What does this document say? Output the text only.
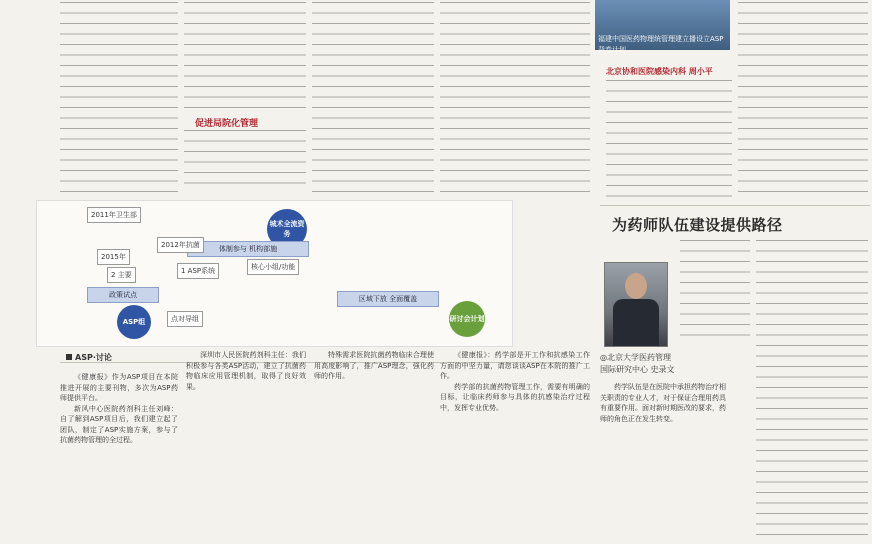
促进局院化管理
城术全流资务
核心小组/功能
体制参与 机构部施
2011年卫生部
2012年抗菌
2015年
2 主要	1 ASP系统
政策试点
ASP组	点对导组
区域下放 全面覆盖
研讨会计划
ASP·讨论

《健康报》作为ASP项目在本院推进开展的主要刊物，多次为ASP药师提供平台。

新风中心医院药剂科主任刘峰：自了解到ASP项目后，我们建立起了团队，制定了ASP实施方案，参与了抗菌药物管理的全过程。

深圳市人民医院药剂科主任：我们积极参与各类ASP活动，建立了抗菌药物临床应用管理机制，取得了良好效果。

特殊需求医院抗菌药物临床合理使用高度影响了，推广ASP理念，强化药师的作用。

《健康报》：药学部是开工作和抗感染工作方面的中坚力量，请您谈谈ASP在本院的推广工作。

药学部的抗菌药物管理工作，需要有明确的目标，让临床药师参与具体的抗感染治疗过程中，发挥专业优势。

福建中国医药物理统管理建立播设立ASP背卷计划
北京协和医院感染内科 周小平
为药师队伍建设提供路径
◎北京大学医药管理
国际研究中心 史录文

药学队伍是在医院中承担药物治疗相关职责的专业人才，对于保证合理用药具有重要作用。面对新时期医改的要求，药师的角色正在发生转变。
